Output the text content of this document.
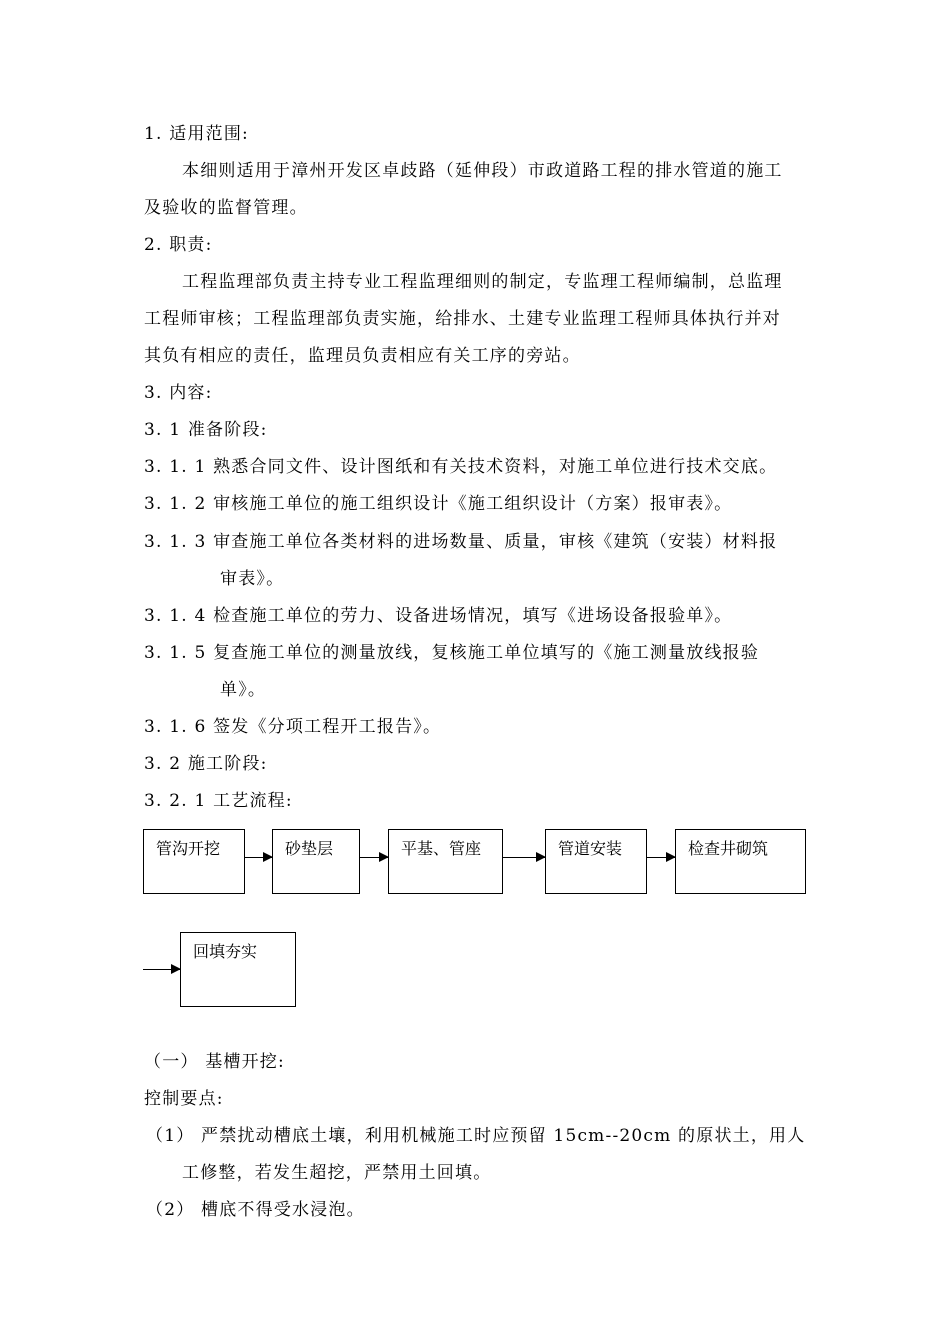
1. 适用范围:
本细则适用于漳州开发区卓歧路（延伸段）市政道路工程的排水管道的施工
及验收的监督管理。
2. 职责:
工程监理部负责主持专业工程监理细则的制定，专监理工程师编制，总监理
工程师审核；工程监理部负责实施，给排水、土建专业监理工程师具体执行并对
其负有相应的责任，监理员负责相应有关工序的旁站。
3. 内容:
3. 1 准备阶段:
3. 1. 1 熟悉合同文件、设计图纸和有关技术资料，对施工单位进行技术交底。
3. 1. 2 审核施工单位的施工组织设计《施工组织设计（方案）报审表》。
3. 1. 3 审查施工单位各类材料的进场数量、质量，审核《建筑（安装）材料报
审表》。
3. 1. 4 检查施工单位的劳力、设备进场情况，填写《进场设备报验单》。
3. 1. 5 复查施工单位的测量放线，复核施工单位填写的《施工测量放线报验
单》。
3. 1. 6 签发《分项工程开工报告》。
3. 2 施工阶段:
3. 2. 1 工艺流程:
管沟开挖	砂垫层	平基、管座	管道安装	检查井砌筑
回填夯实
（一） 基槽开挖:
控制要点:
（1） 严禁扰动槽底土壤，利用机械施工时应预留 15cm--20cm 的原状土，用人
工修整，若发生超挖，严禁用土回填。
（2） 槽底不得受水浸泡。
